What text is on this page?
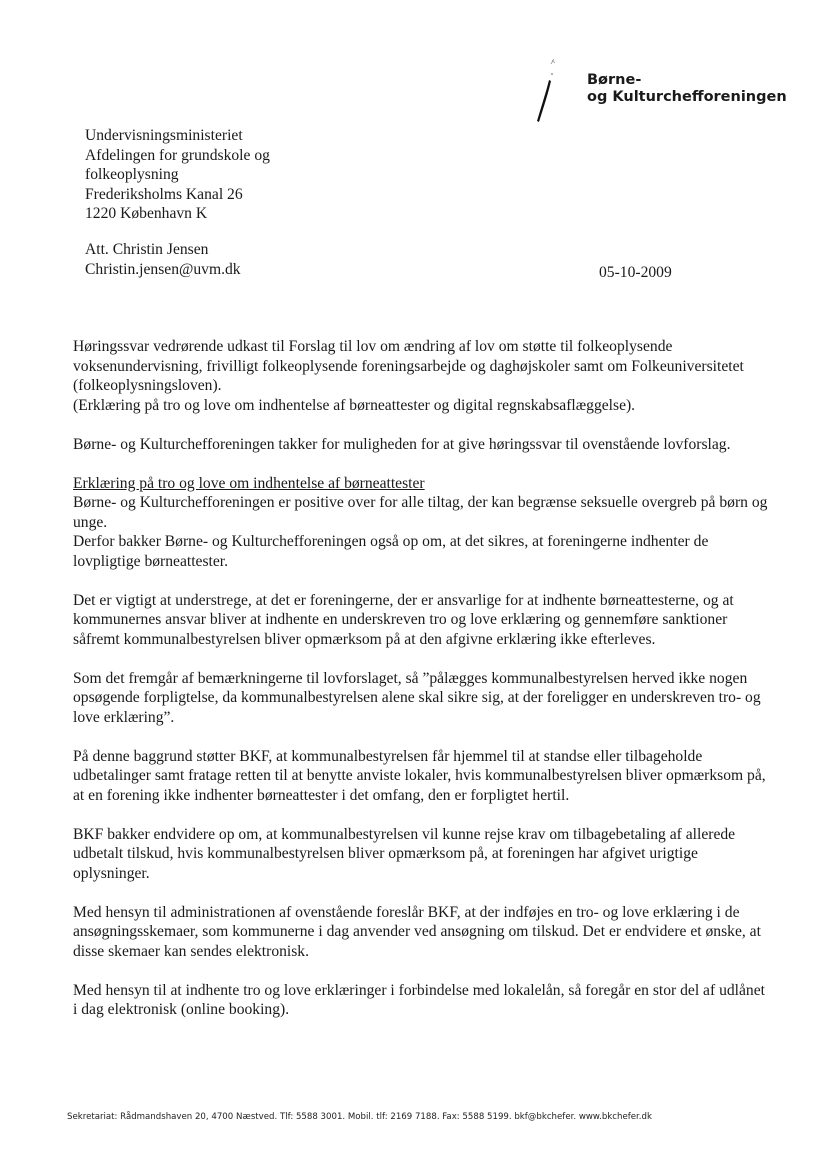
Børne-
og Kulturchefforeningen
Undervisningsministeriet
Afdelingen for grundskole og
folkeoplysning
Frederiksholms Kanal 26
1220 København K
Att. Christin Jensen
Christin.jensen@uvm.dk	05-10-2009

Høringssvar vedrørende udkast til Forslag til lov om ændring af lov om støtte til folkeoplysende voksenundervisning, frivilligt folkeoplysende foreningsarbejde og daghøjskoler samt om Folkeuniversitetet (folkeoplysningsloven).

(Erklæring på tro og love om indhentelse af børneattester og digital regnskabsaflæggelse).

Børne- og Kulturchefforeningen takker for muligheden for at give høringssvar til ovenstående lovforslag.

Erklæring på tro og love om indhentelse af børneattester

Børne- og Kulturchefforeningen er positive over for alle tiltag, der kan begrænse seksuelle overgreb på børn og unge.

Derfor bakker Børne- og Kulturchefforeningen også op om, at det sikres, at foreningerne indhenter de lovpligtige børneattester.

Det er vigtigt at understrege, at det er foreningerne, der er ansvarlige for at indhente børneattesterne, og at kommunernes ansvar bliver at indhente en underskreven tro og love erklæring og gennemføre sanktioner såfremt kommunalbestyrelsen bliver opmærksom på at den afgivne erklæring ikke efterleves.

Som det fremgår af bemærkningerne til lovforslaget, så ”pålægges kommunalbestyrelsen herved ikke nogen opsøgende forpligtelse, da kommunalbestyrelsen alene skal sikre sig, at der foreligger en underskreven tro- og love erklæring”.

På denne baggrund støtter BKF, at kommunalbestyrelsen får hjemmel til at standse eller tilbageholde udbetalinger samt fratage retten til at benytte anviste lokaler, hvis kommunalbestyrelsen bliver opmærksom på, at en forening ikke indhenter børneattester i det omfang, den er forpligtet hertil.

BKF bakker endvidere op om, at kommunalbestyrelsen vil kunne rejse krav om tilbagebetaling af allerede udbetalt tilskud, hvis kommunalbestyrelsen bliver opmærksom på, at foreningen har afgivet urigtige oplysninger.

Med hensyn til administrationen af ovenstående foreslår BKF, at der indføjes en tro- og love erklæring i de ansøgningsskemaer, som kommunerne i dag anvender ved ansøgning om tilskud. Det er endvidere et ønske, at disse skemaer kan sendes elektronisk.

Med hensyn til at indhente tro og love erklæringer i forbindelse med lokalelån, så foregår en stor del af udlånet i dag elektronisk (online booking).

Sekretariat: Rådmandshaven 20, 4700 Næstved. Tlf: 5588 3001. Mobil. tlf: 2169 7188. Fax: 5588 5199. bkf@bkchefer. www.bkchefer.dk
